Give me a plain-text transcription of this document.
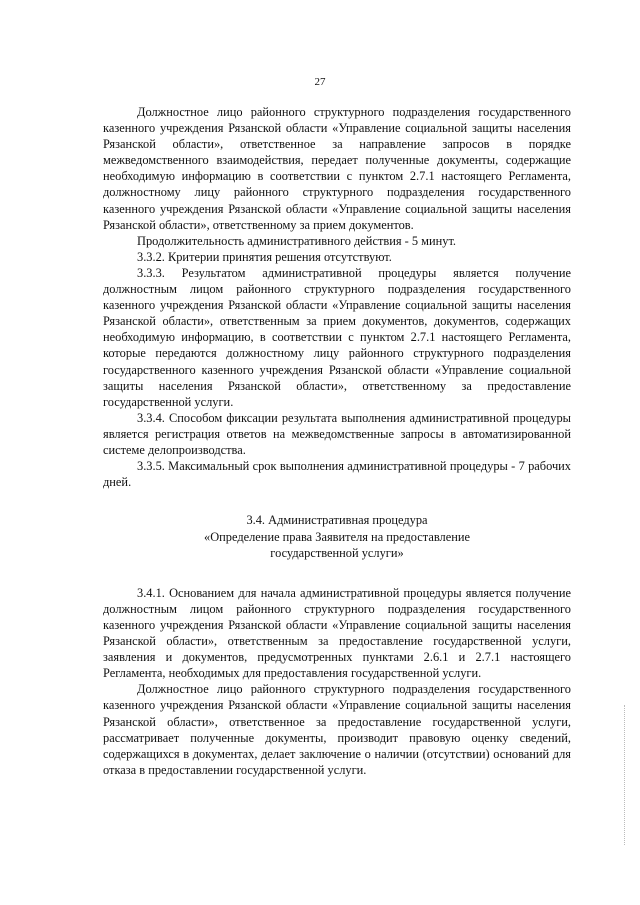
27

Должностное лицо районного структурного подразделения государственного казенного учреждения Рязанской области «Управление социальной защиты населения Рязанской области», ответственное за направление запросов в порядке межведомственного взаимодействия, передает полученные документы, содержащие необходимую информацию в соответствии с пунктом 2.7.1 настоящего Регламента, должностному лицу районного структурного подразделения государственного казенного учреждения Рязанской области «Управление социальной защиты населения Рязанской области», ответственному за прием документов.

Продолжительность административного действия - 5 минут.

3.3.2. Критерии принятия решения отсутствуют.

3.3.3. Результатом административной процедуры является получение должностным лицом районного структурного подразделения государственного казенного учреждения Рязанской области «Управление социальной защиты населения Рязанской области», ответственным за прием документов, документов, содержащих необходимую информацию, в соответствии с пунктом 2.7.1 настоящего Регламента, которые передаются должностному лицу районного структурного подразделения государственного казенного учреждения Рязанской области «Управление социальной защиты населения Рязанской области», ответственному за предоставление государственной услуги.

3.3.4. Способом фиксации результата выполнения административной процедуры является регистрация ответов на межведомственные запросы в автоматизированной системе делопроизводства.

3.3.5. Максимальный срок выполнения административной процедуры - 7 рабочих дней.

3.4. Административная процедура
«Определение права Заявителя на предоставление
государственной услуги»

3.4.1. Основанием для начала административной процедуры является получение должностным лицом районного структурного подразделения государственного казенного учреждения Рязанской области «Управление социальной защиты населения Рязанской области», ответственным за предоставление государственной услуги, заявления и документов, предусмотренных пунктами 2.6.1 и 2.7.1 настоящего Регламента, необходимых для предоставления государственной услуги.

Должностное лицо районного структурного подразделения государственного казенного учреждения Рязанской области «Управление социальной защиты населения Рязанской области», ответственное за предоставление государственной услуги, рассматривает полученные документы, производит правовую оценку сведений, содержащихся в документах, делает заключение о наличии (отсутствии) оснований для отказа в предоставлении государственной услуги.
